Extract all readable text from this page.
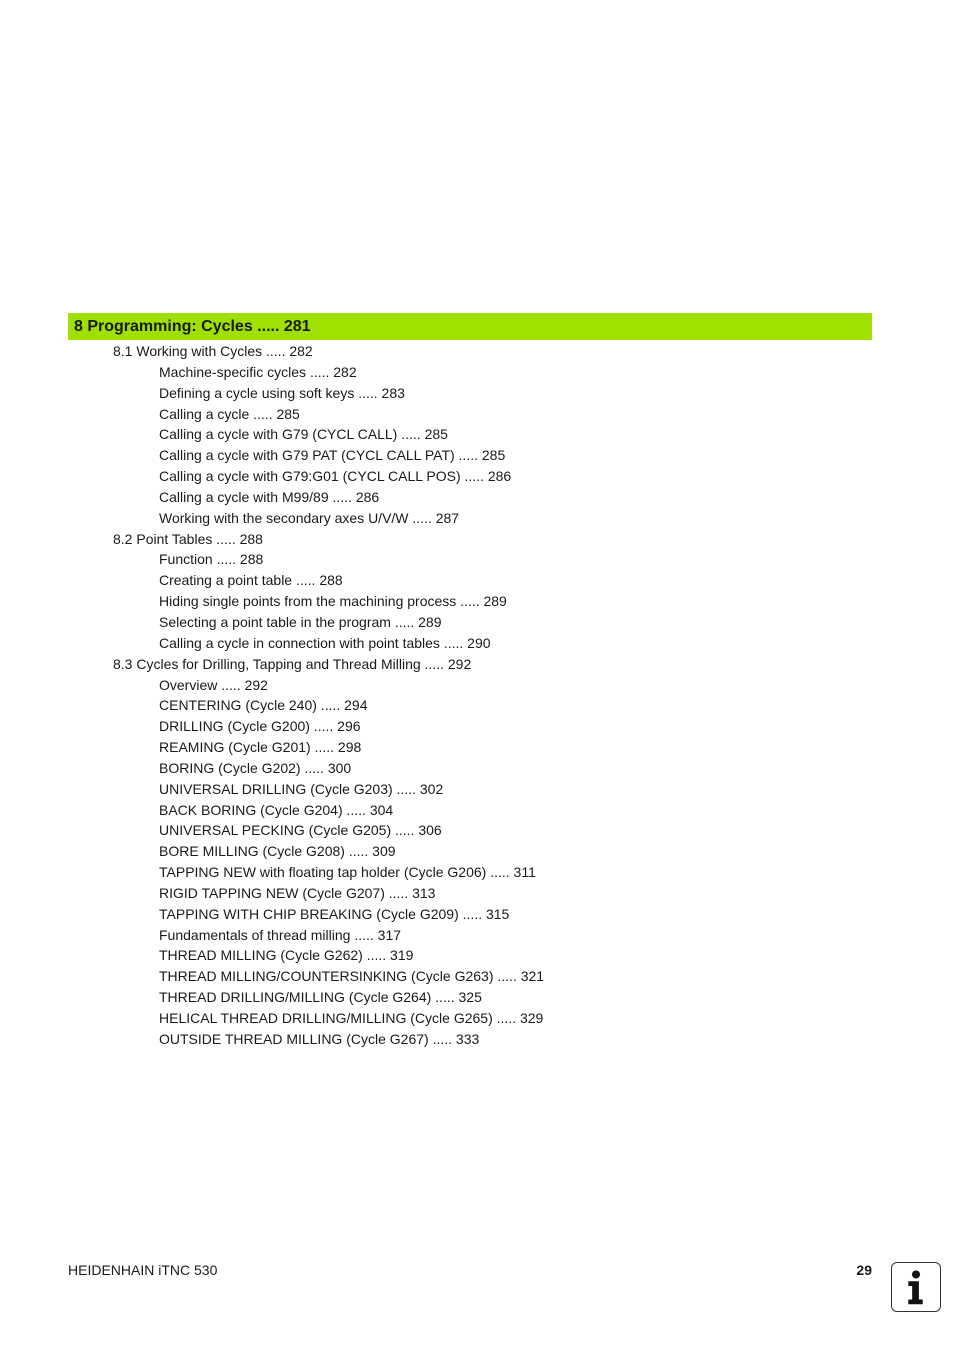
8 Programming: Cycles ..... 281
8.1 Working with Cycles ..... 282
Machine-specific cycles ..... 282
Defining a cycle using soft keys ..... 283
Calling a cycle ..... 285
Calling a cycle with G79 (CYCL CALL) ..... 285
Calling a cycle with G79 PAT (CYCL CALL PAT) ..... 285
Calling a cycle with G79:G01 (CYCL CALL POS) ..... 286
Calling a cycle with M99/89 ..... 286
Working with the secondary axes U/V/W ..... 287
8.2 Point Tables ..... 288
Function ..... 288
Creating a point table ..... 288
Hiding single points from the machining process ..... 289
Selecting a point table in the program ..... 289
Calling a cycle in connection with point tables ..... 290
8.3 Cycles for Drilling, Tapping and Thread Milling ..... 292
Overview ..... 292
CENTERING (Cycle 240) ..... 294
DRILLING (Cycle G200) ..... 296
REAMING (Cycle G201) ..... 298
BORING (Cycle G202) ..... 300
UNIVERSAL DRILLING (Cycle G203) ..... 302
BACK BORING (Cycle G204) ..... 304
UNIVERSAL PECKING (Cycle G205) ..... 306
BORE MILLING (Cycle G208) ..... 309
TAPPING NEW with floating tap holder (Cycle G206) ..... 311
RIGID TAPPING NEW (Cycle G207) ..... 313
TAPPING WITH CHIP BREAKING (Cycle G209) ..... 315
Fundamentals of thread milling ..... 317
THREAD MILLING (Cycle G262) ..... 319
THREAD MILLING/COUNTERSINKING (Cycle G263) ..... 321
THREAD DRILLING/MILLING (Cycle G264) ..... 325
HELICAL THREAD DRILLING/MILLING (Cycle G265) ..... 329
OUTSIDE THREAD MILLING (Cycle G267) ..... 333
HEIDENHAIN iTNC 530	29
